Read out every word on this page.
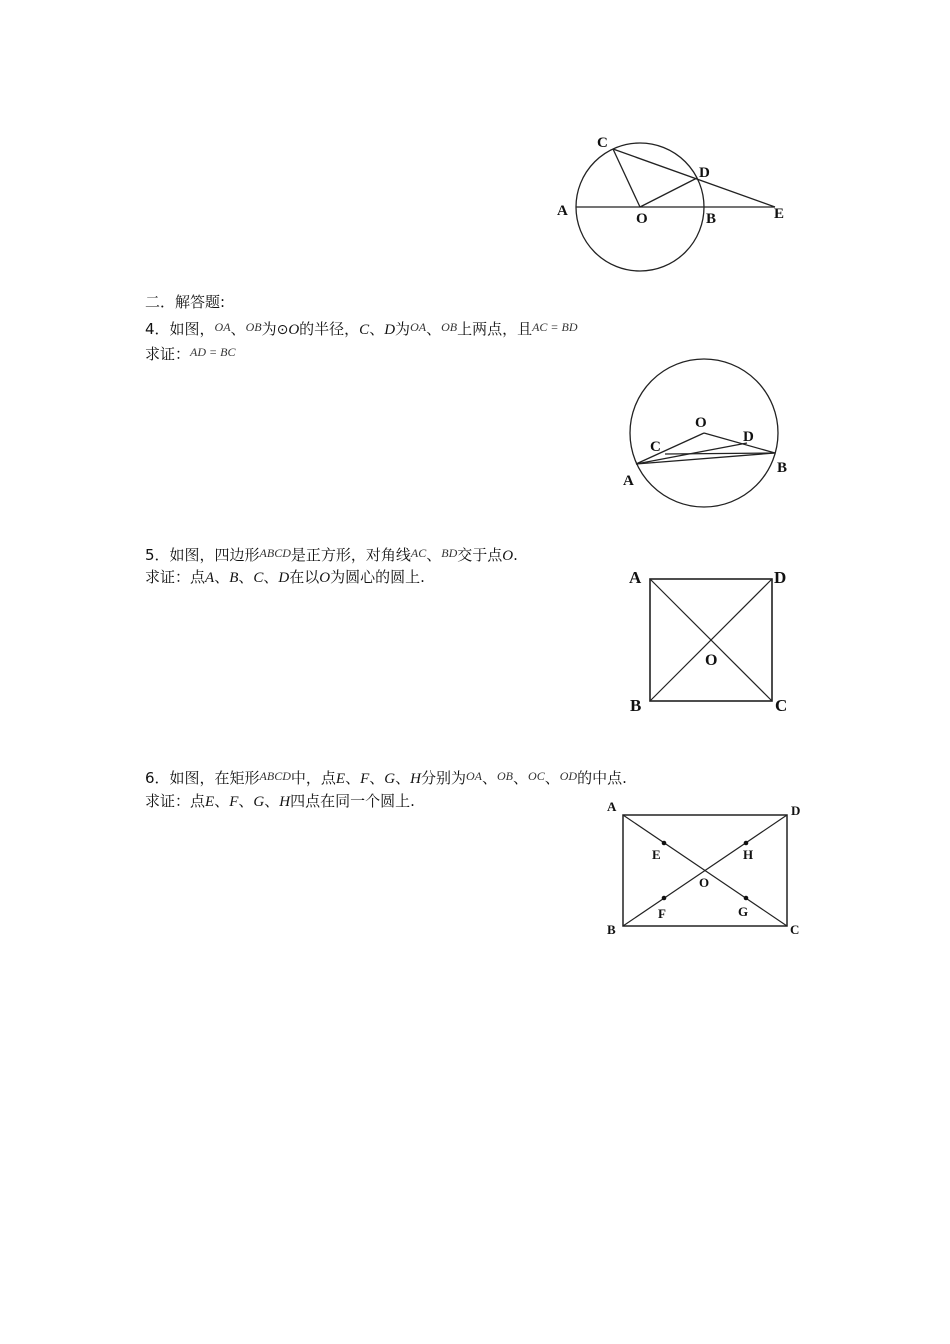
C
D
A	O	B	E
二．解答题:
4．如图，$^{OA}$、$^{OB}$为⊙O的半径，C、D为$^{OA}$、$^{OB}$上两点，且$^{AC = BD}$
求证：$^{AD = BC}$
O
C
D
A
B
5．如图，四边形$^{ABCD}$是正方形，对角线$^{AC}$、$^{BD}$交于点O.
求证：点A、B、C、D在以O为圆心的圆上.	A	D
O
B	C
6．如图，在矩形$^{ABCD}$中，点E、F、G、H分别为$^{OA}$、$^{OB}$、$^{OC}$、$^{OD}$的中点.
求证：点E、F、G、H四点在同一个圆上.	A	D
E	H
O
F	G
B	C
